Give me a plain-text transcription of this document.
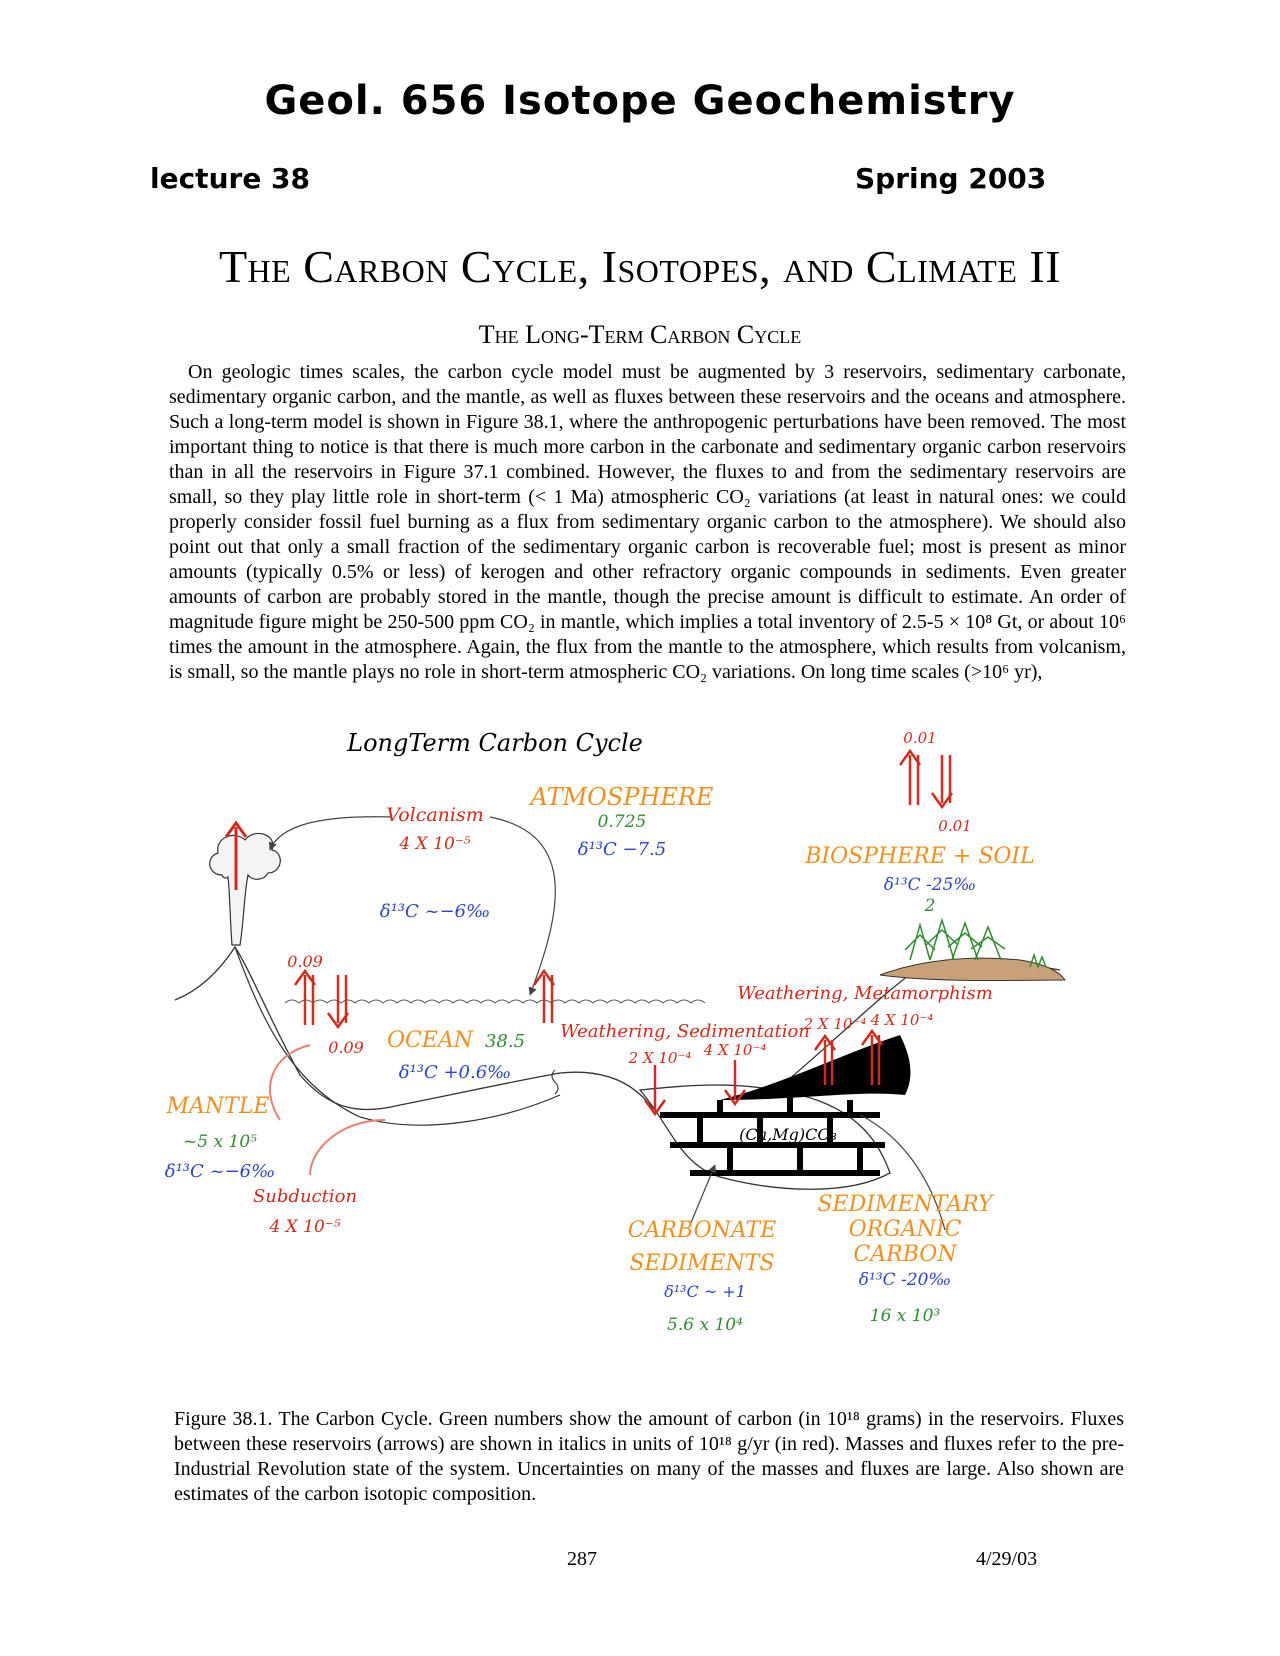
Geol. 656 Isotope Geochemistry
lecture 38	Spring 2003
The Carbon Cycle, Isotopes, and Climate II
The Long-Term Carbon Cycle

On geologic times scales, the carbon cycle model must be augmented by 3 reservoirs, sedimentary carbonate, sedimentary organic carbon, and the mantle, as well as fluxes between these reservoirs and the oceans and atmosphere. Such a long-term model is shown in Figure 38.1, where the anthropogenic perturbations have been removed. The most important thing to notice is that there is much more carbon in the carbonate and sedimentary organic carbon reservoirs than in all the reservoirs in Figure 37.1 combined. However, the fluxes to and from the sedimentary reservoirs are small, so they play little role in short-term (< 1 Ma) atmospheric CO₂ variations (at least in natural ones: we could properly consider fossil fuel burning as a flux from sedimentary organic carbon to the atmosphere). We should also point out that only a small fraction of the sedimentary organic carbon is recoverable fuel; most is present as minor amounts (typically 0.5% or less) of kerogen and other refractory organic compounds in sediments. Even greater amounts of carbon are probably stored in the mantle, though the precise amount is difficult to estimate. An order of magnitude figure might be 250-500 ppm CO₂ in mantle, which implies a total inventory of 2.5-5 × 10⁸ Gt, or about 10⁶ times the amount in the atmosphere. Again, the flux from the mantle to the atmosphere, which results from volcanism, is small, so the mantle plays no role in short-term atmospheric CO₂ variations. On long time scales (>10⁶ yr),

LongTerm Carbon Cycle
ATMOSPHERE
BIOSPHERE + SOIL
OCEAN
MANTLE
CARBONATE
SEDIMENTS
SEDIMENTARY
ORGANIC
CARBON
0.725
2
38.5
~5 x 10⁵
5.6 x 10⁴	16 x 10³
δ¹³C −7.5
δ¹³C -25‰
δ¹³C ~−6‰
δ¹³C +0.6‰
δ¹³C ~−6‰
δ¹³C ~ +1
δ¹³C -20‰
Volcanism
4 X 10⁻⁵
0.09
0.09
0.01
0.01
Subduction
4 X 10⁻⁵
Weathering, Sedimentation
2 X 10⁻⁴ 4 X 10⁻⁴
Weathering, Metamorphism
2 X 10⁻⁴ 4 X 10⁻⁴
(Ca,Mg)CO₃

Figure 38.1. The Carbon Cycle. Green numbers show the amount of carbon (in 10¹⁸ grams) in the reservoirs. Fluxes between these reservoirs (arrows) are shown in italics in units of 10¹⁸ g/yr (in red). Masses and fluxes refer to the pre-Industrial Revolution state of the system. Uncertainties on many of the masses and fluxes are large. Also shown are estimates of the carbon isotopic composition.

287	4/29/03
